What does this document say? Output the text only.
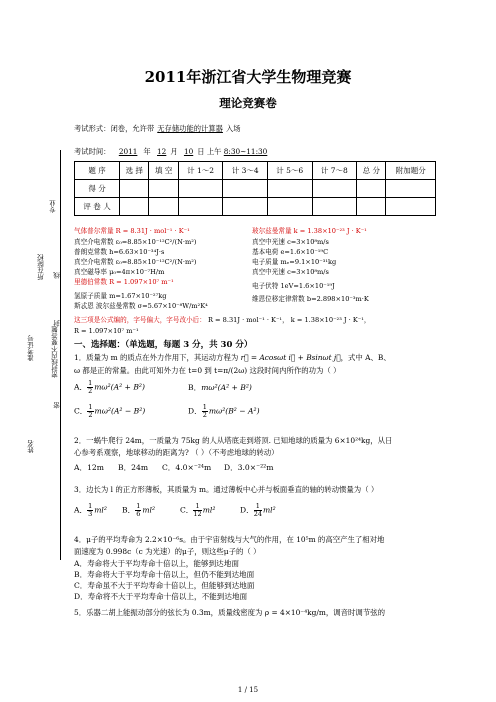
2011年浙江省大学生物理竞赛
理论竞赛卷
考试形式：闭卷，允许带 无存储功能的计算器 入场
考试时间： 2011 年 12 月 10 日 上午 8:30~11:30
题 序	选 择	填 空	计 1～2	计 3～4	计 5～6	计 7～8	总 分	附加题分
得 分								
评 卷 人								
专业
所在院校 线
封
密封线内不要答题
准考证号
密
姓名
气体普尔常量 R = 8.31J · mol⁻¹ · K⁻¹
真空介电常数 ε₀=8.85×10⁻¹²C²/(N·m²)
普朗克常数 h=6.63×10⁻³⁴J·s
真空介电常数 ε₀=8.85×10⁻¹²C²/(N·m²)
真空磁导率 μ₀=4π×10⁻⁷H/m
里德伯常数 R = 1.097×10⁷ m⁻¹
氢原子质量 m=1.67×10⁻²⁷kg
斯忒恩 波尔兹曼常数 σ=5.67×10⁻⁸W/m²K⁴
玻尔兹曼常量 k = 1.38×10⁻²³ J · K⁻¹
真空中光速 c=3×10⁸m/s
基本电荷 e=1.6×10⁻¹⁹C
电子质量 mₑ=9.1×10⁻³¹kg
真空中光速 c=3×10⁸m/s
电子伏特 1eV=1.6×10⁻¹⁹J
维恩位移定律常数 b=2.898×10⁻³m·K
这三项是公式编的，字号偏大，字号改小后： R = 8.31J · mol⁻¹ · K⁻¹， k = 1.38×10⁻²³ J · K⁻¹，
R = 1.097×10⁷ m⁻¹
一、选择题：（单选题，每题 3 分，共 30 分）
1．质量为 m 的质点在外力作用下，其运动方程为 r⃗ = Acosωt i⃗ + Bsinωt j⃗，式中 A、B、
ω 都是正的常量。由此可知外力在 t=0 到 t=π/(2ω) 这段时间内所作的功为（ ）
A． $\frac{1}{2} m\omega^2(A^2 + B^2)$	B．mω²(A² + B²)
C． $\frac{1}{2} m\omega^2(A^2 - B^2)$	D． $\frac{1}{2} m\omega^2(B^2 - A^2)$
2．一蜗牛爬行 24m，一质量为 75kg 的人从塔底走到塔顶. 已知地球的质量为 6×10²⁴kg，从日
心参考系观察，地球移动的距离为? （ ）（不考虑地球的转动）
A．12m B．24m C．4.0×⁻²⁴m D．3.0×⁻²²m
3．边长为 l 的正方形薄板，其质量为 m。通过薄板中心并与板面垂直的轴的转动惯量为（ ）
A． $\frac{1}{3} ml^2$ B． $\frac{1}{6} ml^2$	C． $\frac{1}{12} ml^2$	D． $\frac{1}{24} ml^2$
4．μ子的平均寿命为 2.2×10⁻⁶s。由于宇宙射线与大气的作用，在 10⁵m 的高空产生了相对地
面速度为 0.998c（c 为光速）的μ子，则这些μ子的（ ）
A．寿命将大于平均寿命十倍以上，能够到达地面
B．寿命将大于平均寿命十倍以上，但仍不能到达地面
C．寿命虽不大于平均寿命十倍以上，但能够到达地面
D．寿命将不大于平均寿命十倍以上，不能到达地面
5．乐器二胡上能振动部分的弦长为 0.3m，质量线密度为 ρ = 4×10⁻⁴kg/m，调音时调节弦的
1 / 15
